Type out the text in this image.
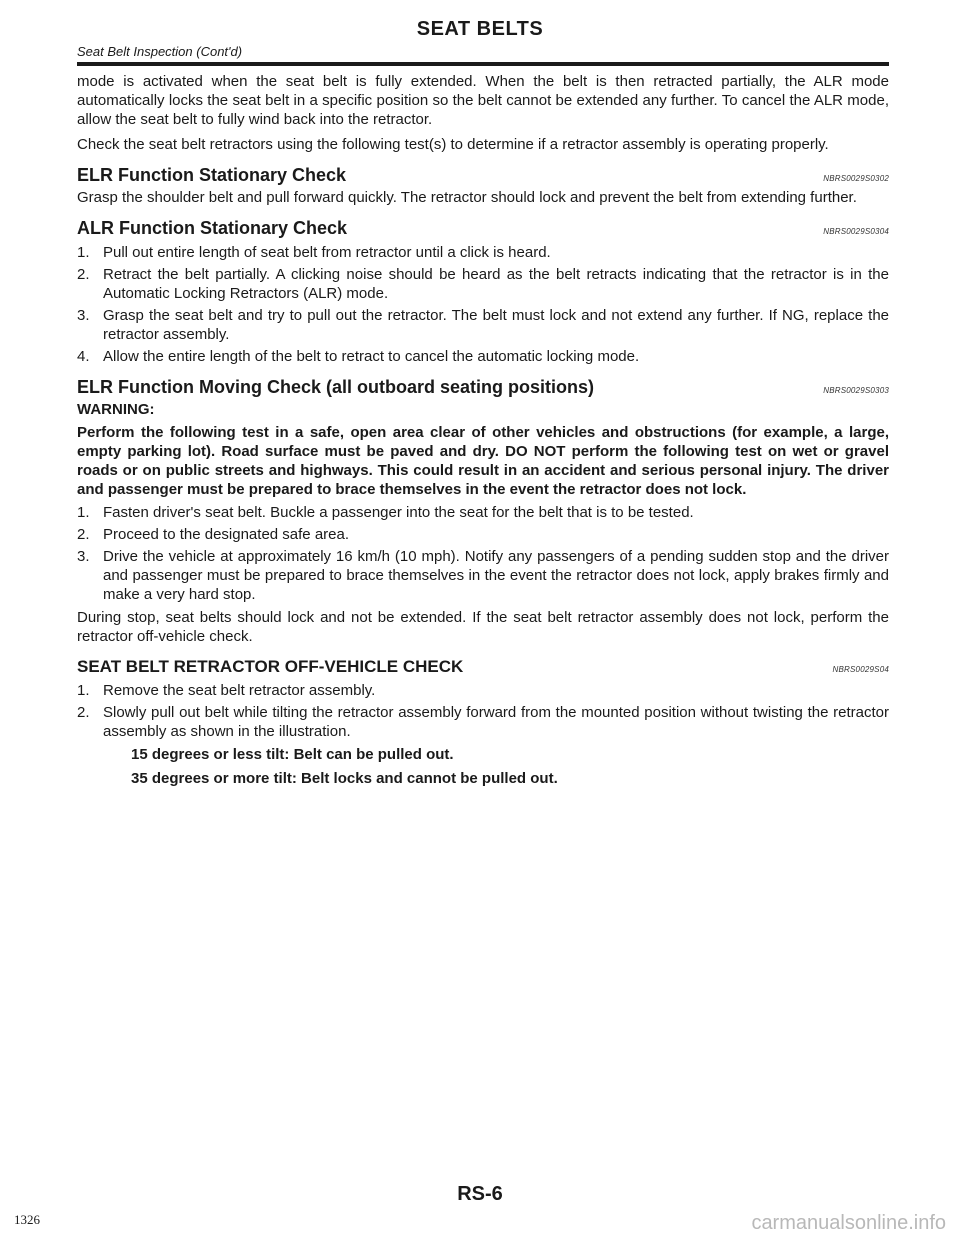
SEAT BELTS
Seat Belt Inspection (Cont'd)

mode is activated when the seat belt is fully extended. When the belt is then retracted partially, the ALR mode automatically locks the seat belt in a specific position so the belt cannot be extended any further. To cancel the ALR mode, allow the seat belt to fully wind back into the retractor.

Check the seat belt retractors using the following test(s) to determine if a retractor assembly is operating properly.

ELR Function Stationary Check	NBRS0029S0302

Grasp the shoulder belt and pull forward quickly. The retractor should lock and prevent the belt from extending further.

ALR Function Stationary Check	NBRS0029S0304
1. Pull out entire length of seat belt from retractor until a click is heard.
2. Retract the belt partially. A clicking noise should be heard as the belt retracts indicating that the retractor is in the Automatic Locking Retractors (ALR) mode.
3. Grasp the seat belt and try to pull out the retractor. The belt must lock and not extend any further. If NG, replace the retractor assembly.
4. Allow the entire length of the belt to retract to cancel the automatic locking mode.
ELR Function Moving Check (all outboard seating positions)	NBRS0029S0303
WARNING:
Perform the following test in a safe, open area clear of other vehicles and obstructions (for example, a large, empty parking lot). Road surface must be paved and dry. DO NOT perform the following test on wet or gravel roads or on public streets and highways. This could result in an accident and serious personal injury. The driver and passenger must be prepared to brace themselves in the event the retractor does not lock.
1. Fasten driver's seat belt. Buckle a passenger into the seat for the belt that is to be tested.
2. Proceed to the designated safe area.
3. Drive the vehicle at approximately 16 km/h (10 mph). Notify any passengers of a pending sudden stop and the driver and passenger must be prepared to brace themselves in the event the retractor does not lock, apply brakes firmly and make a very hard stop.

During stop, seat belts should lock and not be extended. If the seat belt retractor assembly does not lock, perform the retractor off-vehicle check.

SEAT BELT RETRACTOR OFF-VEHICLE CHECK	NBRS0029S04
1. Remove the seat belt retractor assembly.
2. Slowly pull out belt while tilting the retractor assembly forward from the mounted position without twisting the retractor assembly as shown in the illustration.
15 degrees or less tilt: Belt can be pulled out.
35 degrees or more tilt: Belt locks and cannot be pulled out.
RS-6
1326	carmanualsonline.info
